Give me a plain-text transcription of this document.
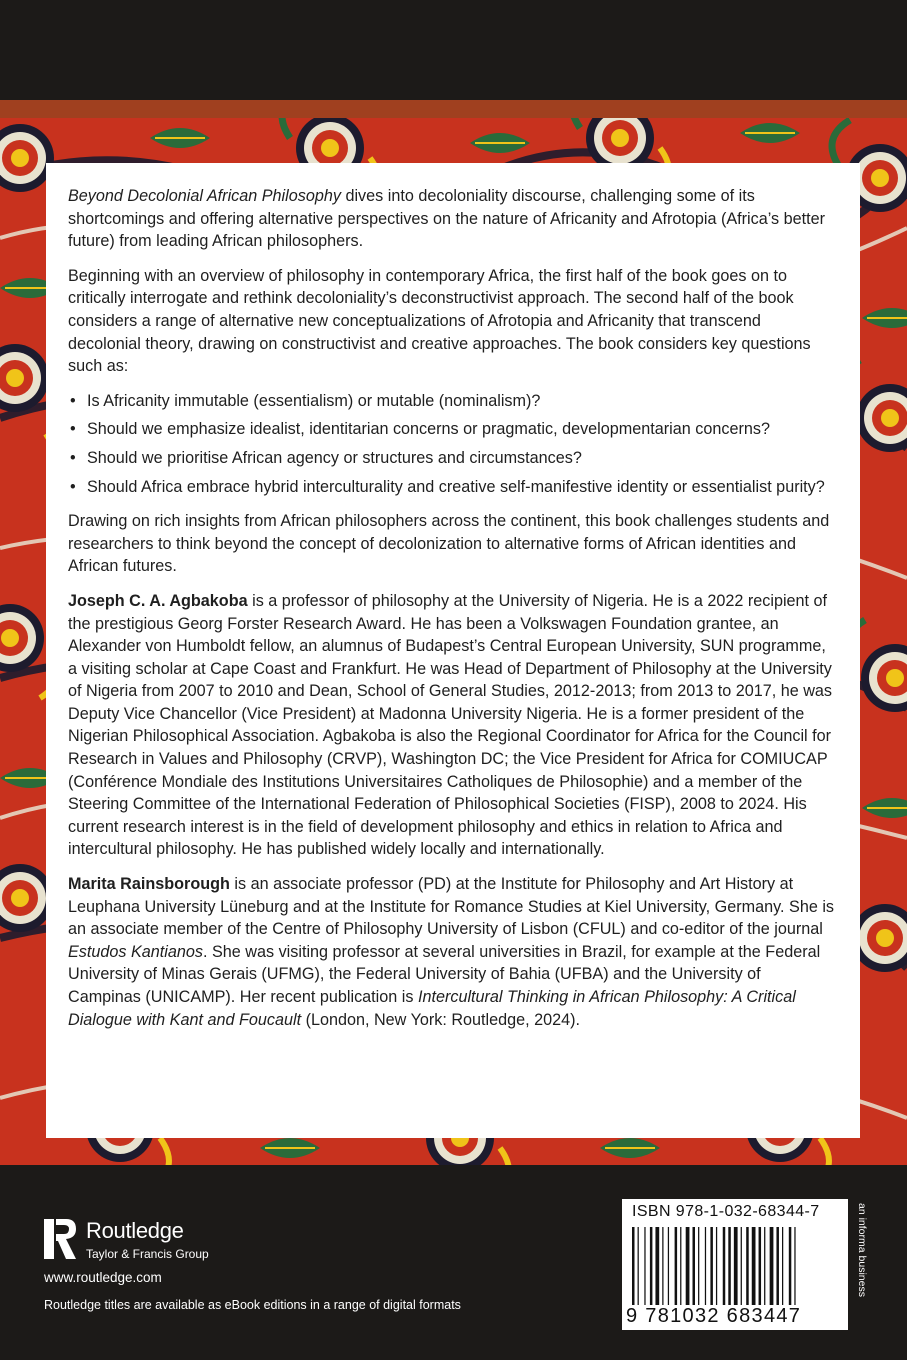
Beyond Decolonial African Philosophy dives into decoloniality discourse, challenging some of its shortcomings and offering alternative perspectives on the nature of Africanity and Afrotopia (Africa’s better future) from leading African philosophers.

Beginning with an overview of philosophy in contemporary Africa, the first half of the book goes on to critically interrogate and rethink decoloniality’s deconstructivist approach. The second half of the book considers a range of alternative new conceptualizations of Afrotopia and Africanity that transcend decolonial theory, drawing on constructivist and creative approaches. The book considers key questions such as:

• Is Africanity immutable (essentialism) or mutable (nominalism)?
• Should we emphasize idealist, identitarian concerns or pragmatic, developmentarian concerns?
• Should we prioritise African agency or structures and circumstances?
• Should Africa embrace hybrid interculturality and creative self-manifestive identity or essentialist purity?

Drawing on rich insights from African philosophers across the continent, this book challenges students and researchers to think beyond the concept of decolonization to alternative forms of African identities and African futures.

Joseph C. A. Agbakoba is a professor of philosophy at the University of Nigeria. He is a 2022 recipient of the prestigious Georg Forster Research Award. He has been a Volkswagen Foundation grantee, an Alexander von Humboldt fellow, an alumnus of Budapest’s Central European University, SUN programme, a visiting scholar at Cape Coast and Frankfurt. He was Head of Department of Philosophy at the University of Nigeria from 2007 to 2010 and Dean, School of General Studies, 2012-2013; from 2013 to 2017, he was Deputy Vice Chancellor (Vice President) at Madonna University Nigeria. He is a former president of the Nigerian Philosophical Association. Agbakoba is also the Regional Coordinator for Africa for the Council for Research in Values and Philosophy (CRVP), Washington DC; the Vice President for Africa for COMIUCAP (Conférence Mondiale des Institutions Universitaires Catholiques de Philosophie) and a member of the Steering Committee of the International Federation of Philosophical Societies (FISP), 2008 to 2024. His current research interest is in the field of development philosophy and ethics in relation to Africa and intercultural philosophy. He has published widely locally and internationally.

Marita Rainsborough is an associate professor (PD) at the Institute for Philosophy and Art History at Leuphana University Lüneburg and at the Institute for Romance Studies at Kiel University, Germany. She is an associate member of the Centre of Philosophy University of Lisbon (CFUL) and co-editor of the journal Estudos Kantianos. She was visiting professor at several universities in Brazil, for example at the Federal University of Minas Gerais (UFMG), the Federal University of Bahia (UFBA) and the University of Campinas (UNICAMP). Her recent publication is Intercultural Thinking in African Philosophy: A Critical Dialogue with Kant and Foucault (London, New York: Routledge, 2024).

Routledge
Taylor & Francis Group
www.routledge.com
Routledge titles are available as eBook editions in a range of digital formats
ISBN 978-1-032-68344-7
9 781032 683447
an informa business
